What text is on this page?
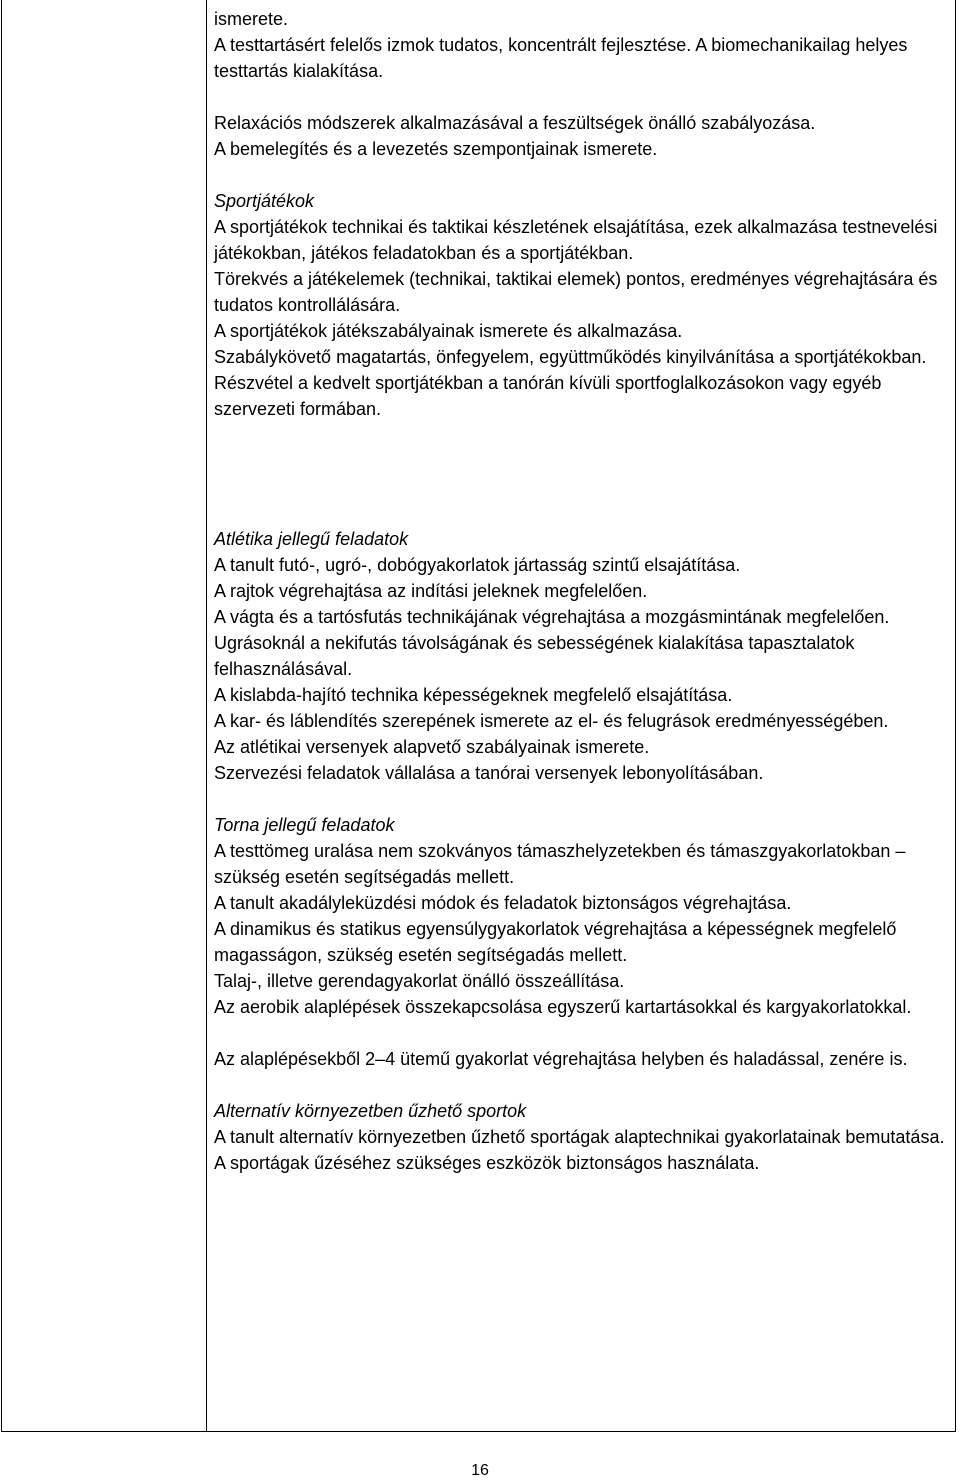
ismerete.

A testtartásért felelős izmok tudatos, koncentrált fejlesztése. A biomechanikailag helyes testtartás kialakítása.

Relaxációs módszerek alkalmazásával a feszültségek önálló szabályozása.

A bemelegítés és a levezetés szempontjainak ismerete.

Sportjátékok

A sportjátékok technikai és taktikai készletének elsajátítása, ezek alkalmazása testnevelési játékokban, játékos feladatokban és a sportjátékban.

Törekvés a játékelemek (technikai, taktikai elemek) pontos, eredményes végrehajtására és tudatos kontrollálására.

A sportjátékok játékszabályainak ismerete és alkalmazása.

Szabálykövető magatartás, önfegyelem, együttműködés kinyilvánítása a sportjátékokban.

Részvétel a kedvelt sportjátékban a tanórán kívüli sportfoglalkozásokon vagy egyéb szervezeti formában.

Atlétika jellegű feladatok

A tanult futó-, ugró-, dobógyakorlatok jártasság szintű elsajátítása.

A rajtok végrehajtása az indítási jeleknek megfelelően.

A vágta és a tartósfutás technikájának végrehajtása a mozgásmintának megfelelően.

Ugrásoknál a nekifutás távolságának és sebességének kialakítása tapasztalatok felhasználásával.

A kislabda-hajító technika képességeknek megfelelő elsajátítása.

A kar- és láblendítés szerepének ismerete az el- és felugrások eredményességében.

Az atlétikai versenyek alapvető szabályainak ismerete.

Szervezési feladatok vállalása a tanórai versenyek lebonyolításában.

Torna jellegű feladatok

A testtömeg uralása nem szokványos támaszhelyzetekben és támaszgyakorlatokban – szükség esetén segítségadás mellett.

A tanult akadályleküzdési módok és feladatok biztonságos végrehajtása.

A dinamikus és statikus egyensúlygyakorlatok végrehajtása a képességnek megfelelő magasságon, szükség esetén segítségadás mellett.

Talaj-, illetve gerendagyakorlat önálló összeállítása.

Az aerobik alaplépések összekapcsolása egyszerű kartartásokkal és kargyakorlatokkal.

Az alaplépésekből 2–4 ütemű gyakorlat végrehajtása helyben és haladással, zenére is.

Alternatív környezetben űzhető sportok

A tanult alternatív környezetben űzhető sportágak alaptechnikai gyakorlatainak bemutatása.

A sportágak űzéséhez szükséges eszközök biztonságos használata.

16
